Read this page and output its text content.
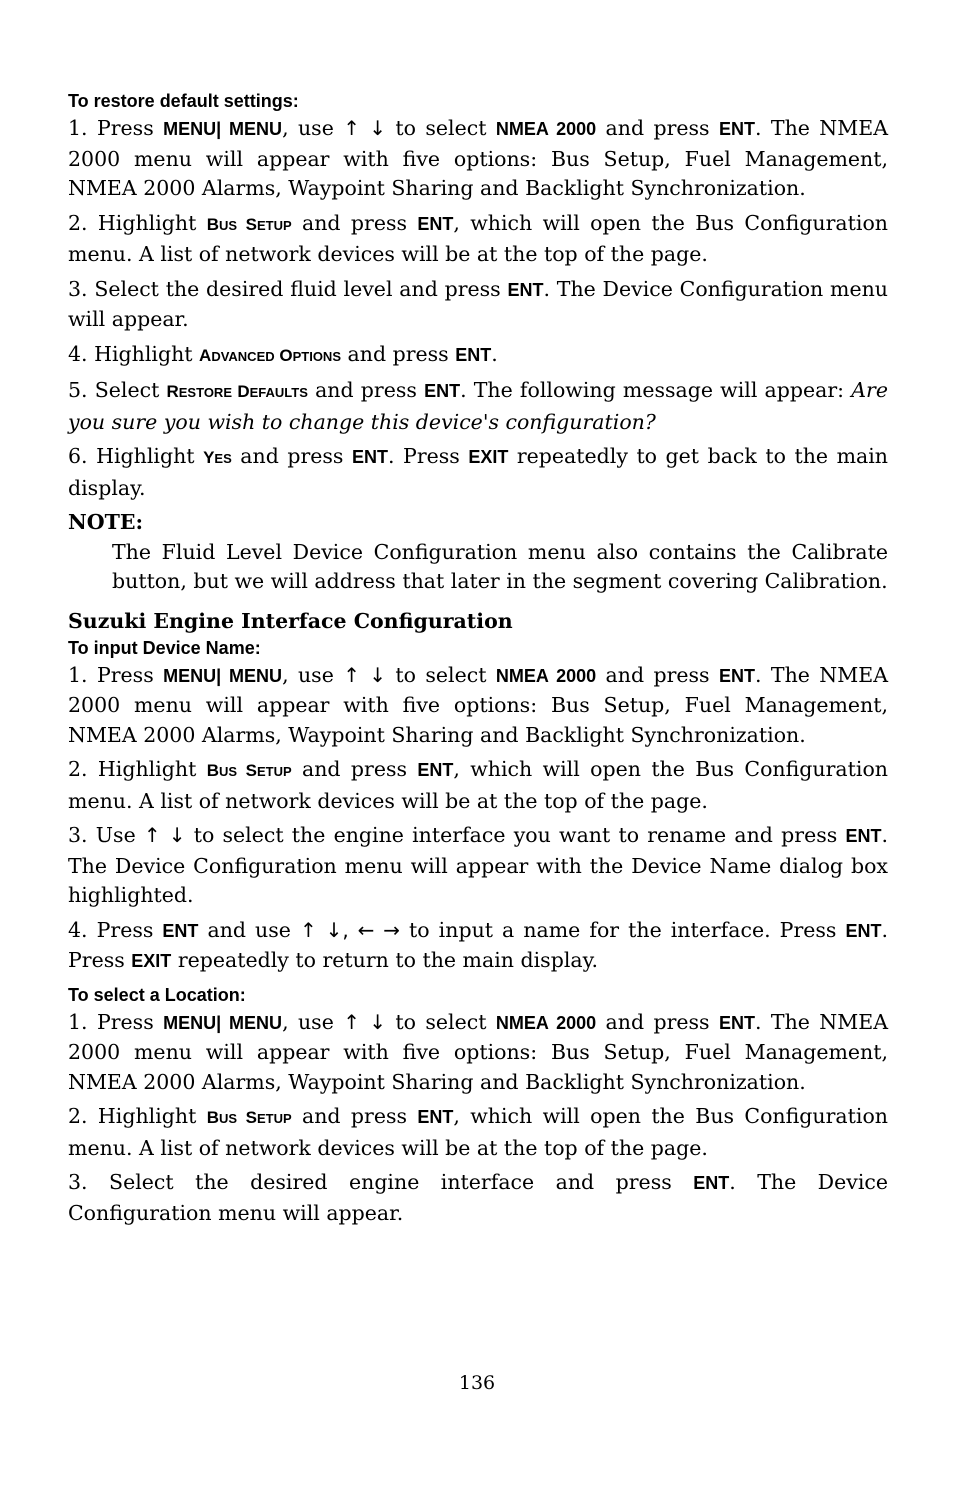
To restore default settings:

1. Press MENU| MENU, use ↑ ↓ to select NMEA 2000 and press ENT. The NMEA 2000 menu will appear with five options: Bus Setup, Fuel Management, NMEA 2000 Alarms, Waypoint Sharing and Backlight Synchronization.

2. Highlight BUS SETUP and press ENT, which will open the Bus Configuration menu. A list of network devices will be at the top of the page.

3. Select the desired fluid level and press ENT. The Device Configuration menu will appear.

4. Highlight ADVANCED OPTIONS and press ENT.

5. Select RESTORE DEFAULTS and press ENT. The following message will appear: Are you sure you wish to change this device's configuration?

6. Highlight YES and press ENT. Press EXIT repeatedly to get back to the main display.

NOTE:

The Fluid Level Device Configuration menu also contains the Calibrate button, but we will address that later in the segment covering Calibration.

Suzuki Engine Interface Configuration
To input Device Name:

1. Press MENU| MENU, use ↑ ↓ to select NMEA 2000 and press ENT. The NMEA 2000 menu will appear with five options: Bus Setup, Fuel Management, NMEA 2000 Alarms, Waypoint Sharing and Backlight Synchronization.

2. Highlight BUS SETUP and press ENT, which will open the Bus Configuration menu. A list of network devices will be at the top of the page.

3. Use ↑ ↓ to select the engine interface you want to rename and press ENT. The Device Configuration menu will appear with the Device Name dialog box highlighted.

4. Press ENT and use ↑ ↓, ← → to input a name for the interface. Press ENT. Press EXIT repeatedly to return to the main display.

To select a Location:

1. Press MENU| MENU, use ↑ ↓ to select NMEA 2000 and press ENT. The NMEA 2000 menu will appear with five options: Bus Setup, Fuel Management, NMEA 2000 Alarms, Waypoint Sharing and Backlight Synchronization.

2. Highlight BUS SETUP and press ENT, which will open the Bus Configuration menu. A list of network devices will be at the top of the page.

3. Select the desired engine interface and press ENT. The Device Configuration menu will appear.

136
